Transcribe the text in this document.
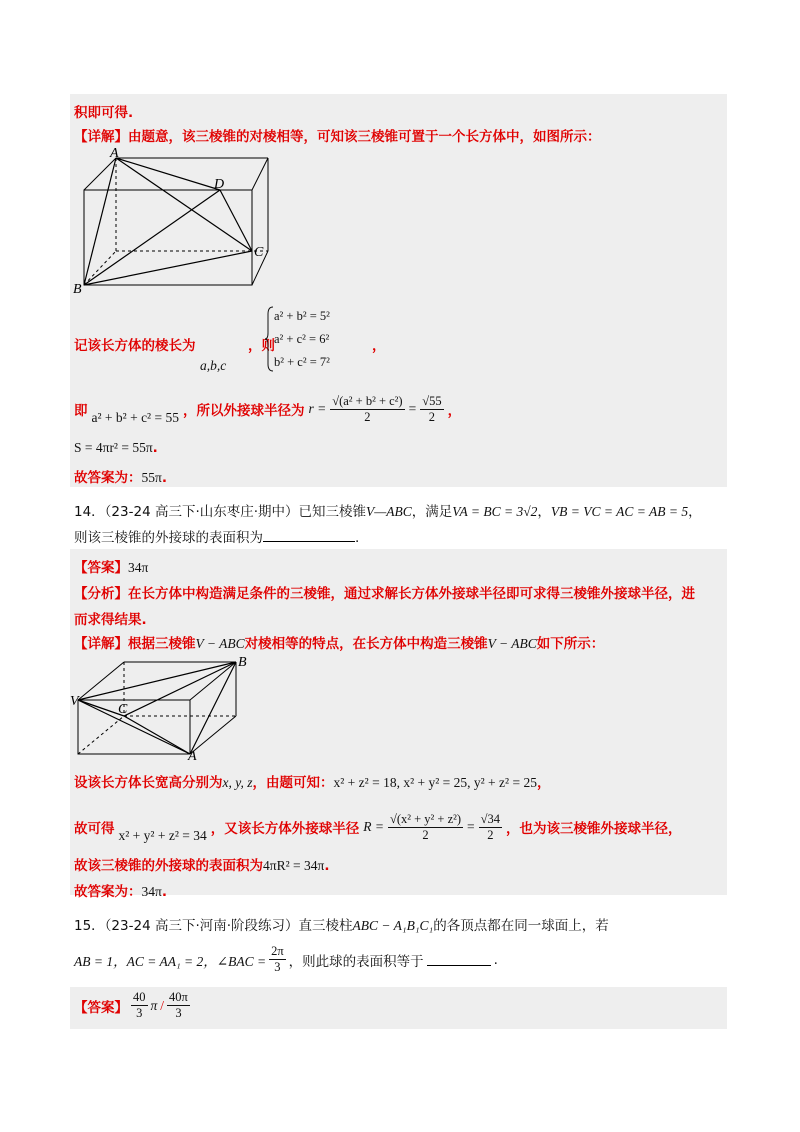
积即可得.
【详解】由题意，该三棱锥的对棱相等，可知该三棱锥可置于一个长方体中，如图所示：
A
D
C
B
记该长方体的棱长为
a,b,c
，则
a² + b² = 5²
a² + c² = 6²
b² + c² = 7²
，
即 a² + b² + c² = 55 ，所以外接球半径为 $r = \frac{\text{√(a² + b² + c²)}}{2} = \frac{√55}{2}$ ，
S = 4πr² = 55π.
故答案为：55π.
14．（23-24 高三下·山东枣庄·期中）已知三棱锥V—ABC，满足VA = BC = 3√2，VB = VC = AC = AB = 5，
则该三棱锥的外接球的表面积为	.
【答案】34π
【分析】在长方体中构造满足条件的三棱锥，通过求解长方体外接球半径即可求得三棱锥外接球半径，进
而求得结果.
【详解】根据三棱锥V − ABC对棱相等的特点，在长方体中构造三棱锥V − ABC如下所示：
V
C
B
A
设该长方体长宽高分别为x, y, z，由题可知：x² + z² = 18, x² + y² = 25, y² + z² = 25，
故可得 x² + y² + z² = 34 ，又该长方体外接球半径 $R = \frac{\text{√(x² + y² + z²)}}{2} = \frac{√34}{2}$ ，也为该三棱锥外接球半径，
故该三棱锥的外接球的表面积为4πR² = 34π.
故答案为：34π.
15．（23-24 高三下·河南·阶段练习）直三棱柱ABC − A₁B₁C₁的各顶点都在同一球面上，若
AB = 1，AC = AA₁ = 2，∠BAC = $\frac{2\pi}{3}$ ，则此球的表面积等于	.
【答案】 $\frac{40}{3}$ π / $\frac{40\pi}{3}$
